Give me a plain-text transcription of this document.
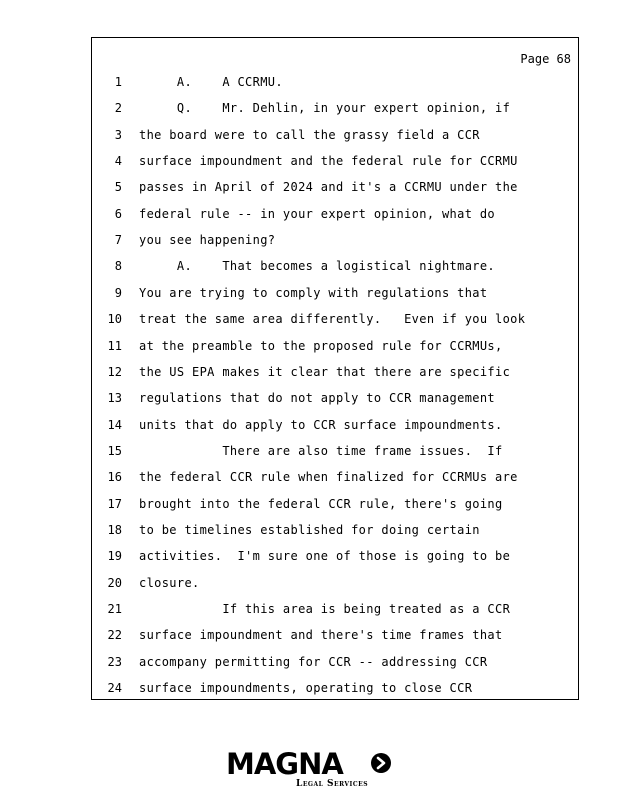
Page 68
1 A.    A CCRMU.
2 Q.    Mr. Dehlin, in your expert opinion, if
3 the board were to call the grassy field a CCR
4 surface impoundment and the federal rule for CCRMU
5 passes in April of 2024 and it's a CCRMU under the
6 federal rule -- in your expert opinion, what do
7 you see happening?
8 A.    That becomes a logistical nightmare.
9 You are trying to comply with regulations that
10 treat the same area differently.   Even if you look
11 at the preamble to the proposed rule for CCRMUs,
12 the US EPA makes it clear that there are specific
13 regulations that do not apply to CCR management
14 units that do apply to CCR surface impoundments.
15 There are also time frame issues.  If
16 the federal CCR rule when finalized for CCRMUs are
17 brought into the federal CCR rule, there's going
18 to be timelines established for doing certain
19 activities.  I'm sure one of those is going to be
20 closure.
21 If this area is being treated as a CCR
22 surface impoundment and there's time frames that
23 accompany permitting for CCR -- addressing CCR
24 surface impoundments, operating to close CCR
MAGNA
Legal Services
